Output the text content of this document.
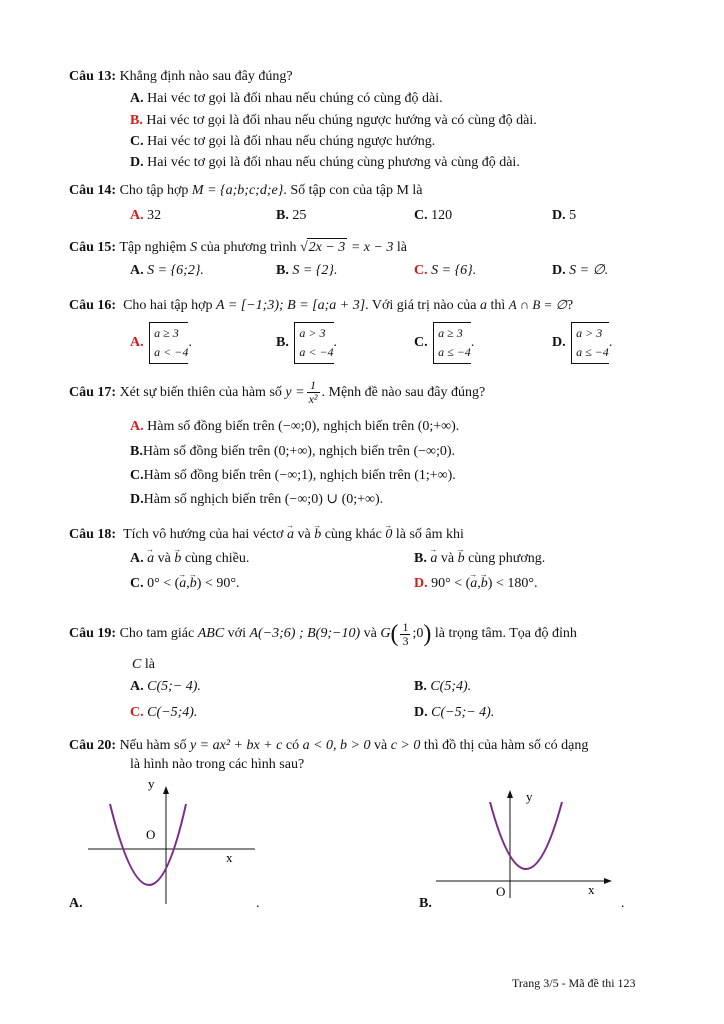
Câu 13: Khẳng định nào sau đây đúng?
A. Hai véc tơ gọi là đối nhau nếu chúng có cùng độ dài.
B. Hai véc tơ gọi là đối nhau nếu chúng ngược hướng và có cùng độ dài.
C. Hai véc tơ gọi là đối nhau nếu chúng ngược hướng.
D. Hai véc tơ gọi là đối nhau nếu chúng cùng phương và cùng độ dài.
Câu 14: Cho tập hợp M = {a;b;c;d;e}. Số tập con của tập M là
A. 32	B. 25	C. 120	D. 5
Câu 15: Tập nghiệm S của phương trình √2x − 3 = x − 3 là
A. S = {6;2}.	B. S = {2}.	C. S = {6}.	D. S = ∅.
Câu 16: Cho hai tập hợp A = [−1;3); B = [a;a + 3]. Với giá trị nào của a thì A ∩ B = ∅?
A. a ≥ 3
a < −4.	B. a > 3
a < −4.	C. a ≥ 3
a ≤ −4.	D. a > 3
a ≤ −4.
Câu 17: Xét sự biến thiên của hàm số $y = \frac{1}{\text{x²}}$ . Mệnh đề nào sau đây đúng?
A. Hàm số đồng biến trên (−∞;0), nghịch biến trên (0;+∞).
B.Hàm số đồng biến trên (0;+∞), nghịch biến trên (−∞;0).
C.Hàm số đồng biến trên (−∞;1), nghịch biến trên (1;+∞).
D.Hàm số nghịch biến trên (−∞;0) ∪ (0;+∞).
Câu 18: Tích vô hướng của hai véctơ → a và → b cùng khác → 0 là số âm khi
A. → a và → b cùng chiều.	B. → a và → b cùng phương.
C. 0° < (→ a,→ b) < 90°.	D. 90° < (→ a,→ b) < 180°.
Câu 19: Cho tam giác ABC với A(−3;6) ; B(9;−10) và $G( \frac{1}{3}$ ;0) là trọng tâm. Tọa độ đỉnh
C là
A. C(5;− 4).	B. C(5;4).
C. C(−5;4).	D. C(−5;− 4).
Câu 20: Nếu hàm số y = ax² + bx + c có a < 0, b > 0 và c > 0 thì đồ thị của hàm số có dạng
là hình nào trong các hình sau?
y
O
x
A.	.
y
O	x
B.	.
Trang 3/5 - Mã đề thi 123
